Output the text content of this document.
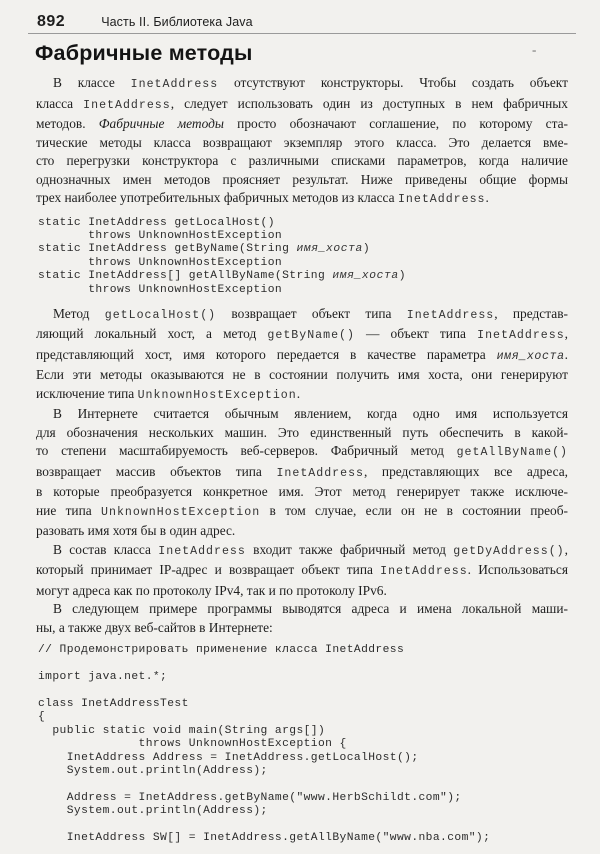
892	Часть II. Библиотека Java
Фабричные методы	-

В классе InetAddress отсутствуют конструкторы. Чтобы создать объект
класса InetAddress, следует использовать один из доступных в нем фабричных
методов. Фабричные методы просто обозначают соглашение, по которому ста-
тические методы класса возвращают экземпляр этого класса. Это делается вме-
сто перегрузки конструктора с различными списками параметров, когда наличие
однозначных имен методов проясняет результат. Ниже приведены общие формы
трех наиболее употребительных фабричных методов из класса InetAddress.

static InetAddress getLocalHost()
throws UnknownHostException
static InetAddress getByName(String имя_хоста)
throws UnknownHostException
static InetAddress[] getAllByName(String имя_хоста)
throws UnknownHostException

Метод getLocalHost() возвращает объект типа InetAddress, представ-
ляющий локальный хост, а метод getByName() — объект типа InetAddress,
представляющий хост, имя которого передается в качестве параметра имя_хоста.
Если эти методы оказываются не в состоянии получить имя хоста, они генерируют
исключение типа UnknownHostException.

В Интернете считается обычным явлением, когда одно имя используется
для обозначения нескольких машин. Это единственный путь обеспечить в какой-
то степени масштабируемость веб-серверов. Фабричный метод getAllByName()
возвращает массив объектов типа InetAddress, представляющих все адреса,
в которые преобразуется конкретное имя. Этот метод генерирует также исключе-
ние типа UnknownHostException в том случае, если он не в состоянии преоб-
разовать имя хотя бы в один адрес.

В состав класса InetAddress входит также фабричный метод getDyAddress(),
который принимает IP-адрес и возвращает объект типа InetAddress. Использоваться
могут адреса как по протоколу IPv4, так и по протоколу IPv6.

В следующем примере программы выводятся адреса и имена локальной маши-
ны, а также двух веб-сайтов в Интернете:

// Продемонстрировать применение класса InetAddress

import java.net.*;

class InetAddressTest
{
public static void main(String args[])
throws UnknownHostException {
InetAddress Address = InetAddress.getLocalHost();
System.out.println(Address);

Address = InetAddress.getByName("www.HerbSchildt.com");
System.out.println(Address);

InetAddress SW[] = InetAddress.getAllByName("www.nba.com");
